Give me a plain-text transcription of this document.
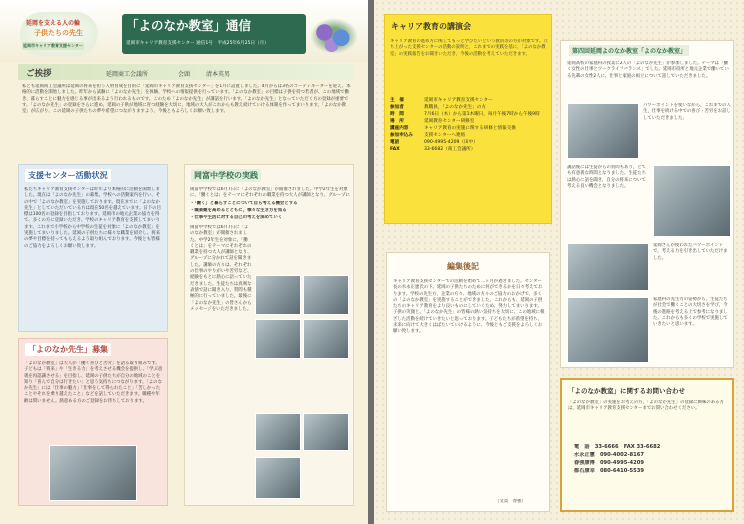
延岡を支える人の輪
子供たちの先生
延岡市キャリア教育支援センター
「よのなか教室」通信
延岡市キャリア教育支援センター 通信1号　平成25年6月25日（月）
ご挨拶	延岡商工会議所	会頭	清本英男
私ども延岡商工会議所は延岡の将来を担う人材育成を目的に「延岡市キャリア教育支援センター」を1月に設置しました。4月からは3名のコーディネーターを迎え、本格的に活動を開始しました。昨年から試験に「よのなか先生」を体験、学校への情報提供を行っています。「よのなか教室」の目標は子供を持つ若者が、この地域で働き、暮らすことに魅力を感じる事が出来るよう行われるものです。このため「よのなか先生」が講話を行います。「よのなか先生」となっていただく方の登録が重要です。「よのなか先生」の登録をさらに進め、延岡の子供が地域に育つ経験を大切に、地域の大人がこれからも教え続けていける体制を作ってまいります。「よのなか教室」が広がり、この延岡の子供たちの夢や希望につながりますよう、今後ともよろしくお願い致します。
支援センター活動状況
私たちキャリア教育支援センターは昨年より本格的に活動を開始しました。現在は「よのなか先生」の募集、学校への活動案内を行い、その中で「よのなか教室」を実施しております。現在までに「よのなか先生」としていただいている方は現在50名を越えています。日下の目標は100名の登録を目指しております。延岡市の地元企業の協力を得て、多くの方に登録いただき、学校のキャリア教育を支援してまいります。これまで小学校から中学校の生徒を対象に「よのなか教室」を実施してまいりました。延岡の子供たちに様々な職業を紹介し、将来の夢や目標を持ってもらえるよう取り組んでおります。今後とも皆様のご協力をよろしくお願い致します。
「よのなか先生」募集
「よのなか教室」は大人が「働く喜びと苦労」を語る取り組みです。子どもは「将来」や「生きる力」を考えさせる機会を提供し、「学ぶ意義を再認識させる」を目指し、延岡の子供たちが自分の地域のことを知り「喜んで自分は行きたい」と思う気持ちにつながります。「よのなか先生」には「仕事の魅力」「仕事をして得られたこと」「苦しかったことやそれを乗り越えたこと」などを話していただきます。職種や年齢は問いません。熱意ある方のご登録をお待ちしております。
岡富中学校の実践
岡富中学校では6月7日に「よのなか教室」が開催されました。中学2年生を対象に、「働くとは」をテーマにそれぞれの職業を持つ大人が講師となり、グループに
・「働く」と暮らすことについて自ら考える機会とする
・職業観を高めるとともに，様々な生き方を知る
・仕事や生活に対する自己の考えを深めていく
岡富中学校では6月7日に「よのなか教室」が開催されました。中学2年生を対象に、「働くとは」をテーマにそれぞれの職業を持つ大人が講師となり、グループに分かれて話を聞きました。講師の方々は、それぞれの仕事のやりがいや苦労など、経験をもとに熱心に語っていただきました。生徒たちは真剣な表情で話に聞き入り、質問も積極的に行っていました。最後に「よのなか先生」の皆さんからメッセージをいただきました。
キャリア教育の講演会
キャリア教育の進め方に関してもっと学びたいという教員等の方が対象です。立ち上がった支援センターの活動の説明と，これまでの実践を基に，「よのなか教室」の実践報告をお聞きいただき，今後の活動を考えていただきます。
主　催	延岡市キャリア教育支援センター
参加者	教職員，「よのなか先生」の方
時　間	7月6日（木）から第1木曜日，毎月午後7時から午後9時
場　所	延岡教育センター研修室
講座内容	キャリア教育の実施に関する研修と情報交換
参加申込み	支援センターへ連絡
電話	090-4995-4209（田中）
FAX	33-6682（商工会議所）
編集後記
キャリア教育支援センターでの活動を始めて二ヶ月が過ぎました。センター長の水永正憲氏の下、延岡の子供たちのために何ができるかを日々考えております。学校の先生方、企業の方々、地域の方々のご協力のおかげで、多くの「よのなか教室」を実施することができました。これからも、延岡の子供たちのキャリア教育をより良いものにしていくため、努力してまいります。子供の笑顔と、「よのなか先生」の皆様の熱い気持ちを大切に、この地域に根ざした活動を続けていきたいと思っております。子どもたちが希望を持ち、未来に向けて大きくはばたいていけるように、今後ともご支援をよろしくお願い致します。
（文責　春強）
第四回延岡よのなか教室「よのなか教室」
延岡高校の家庭科の授業に2人の「よのなか先生」が参加しました。テーマは「働く女性の仕事とワークライフバランス」でした。延岡市役所と地元企業で働いている先輩の女性2人に、仕事と家庭の両立について話していただきました。
パワーポイントを使いながら，これまでの人生，仕事を続ける中での喜び・苦労をお話ししていただきました。
講話後には生徒からの質問もあり，とても有意義な時間となりました。生徒たちは熱心に話を聞き，自分の将来について考える良い機会となりました。
延岡さんが使われたパワーポイントで，考える力を引き出していただけました。
家庭科の先生方の姿勢から，生徒たちが社会で働くことの大切さを学び，今後の進路を考える上で参考になりました。これからも多くの学校で実施していきたいと思います。
「よのなか教室」に関するお問い合わせ
「よのなか教室」の実施をお考えの方，「よのなか先生」の登録に興味のある方は，延岡市キャリア教育支援センターまでお問い合わせください。
電　話　33-6666　FAX 33-6682
水永正憲　090-4002-8167
春強康博　090-4995-4209
都石康幸　080-6410-5539
